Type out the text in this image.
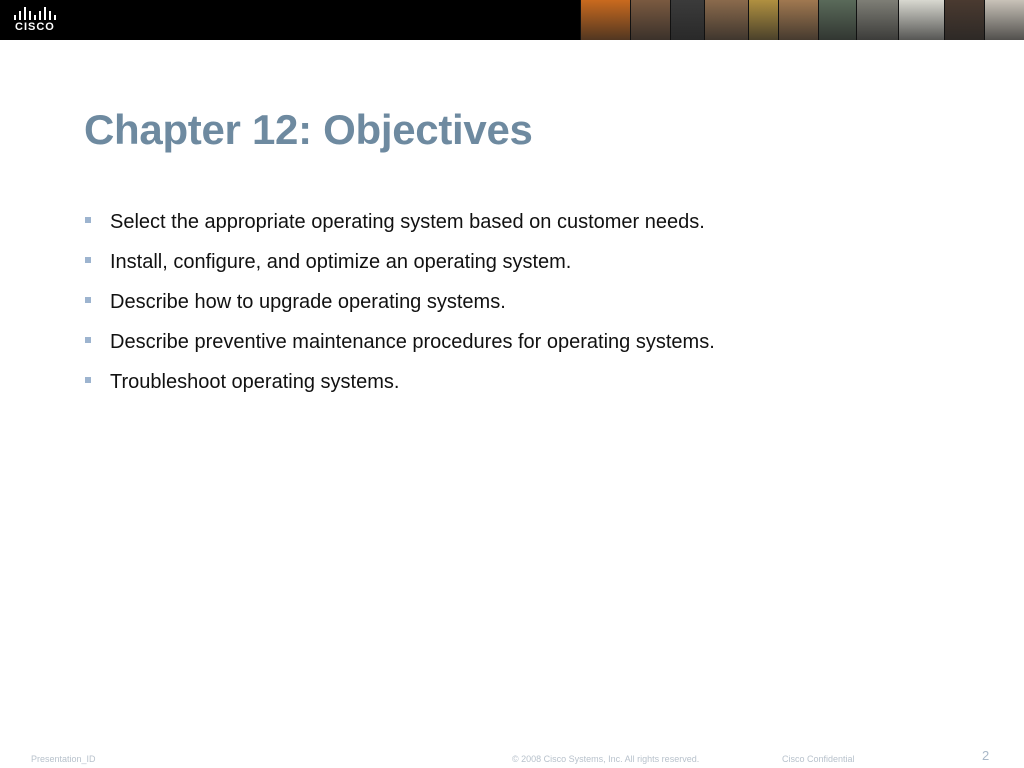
CISCO
Chapter 12: Objectives
Select the appropriate operating system based on customer needs.
Install, configure, and optimize an operating system.
Describe how to upgrade operating systems.
Describe preventive maintenance procedures for operating systems.
Troubleshoot operating systems.
Presentation_ID	© 2008 Cisco Systems, Inc. All rights reserved.	Cisco Confidential	2
